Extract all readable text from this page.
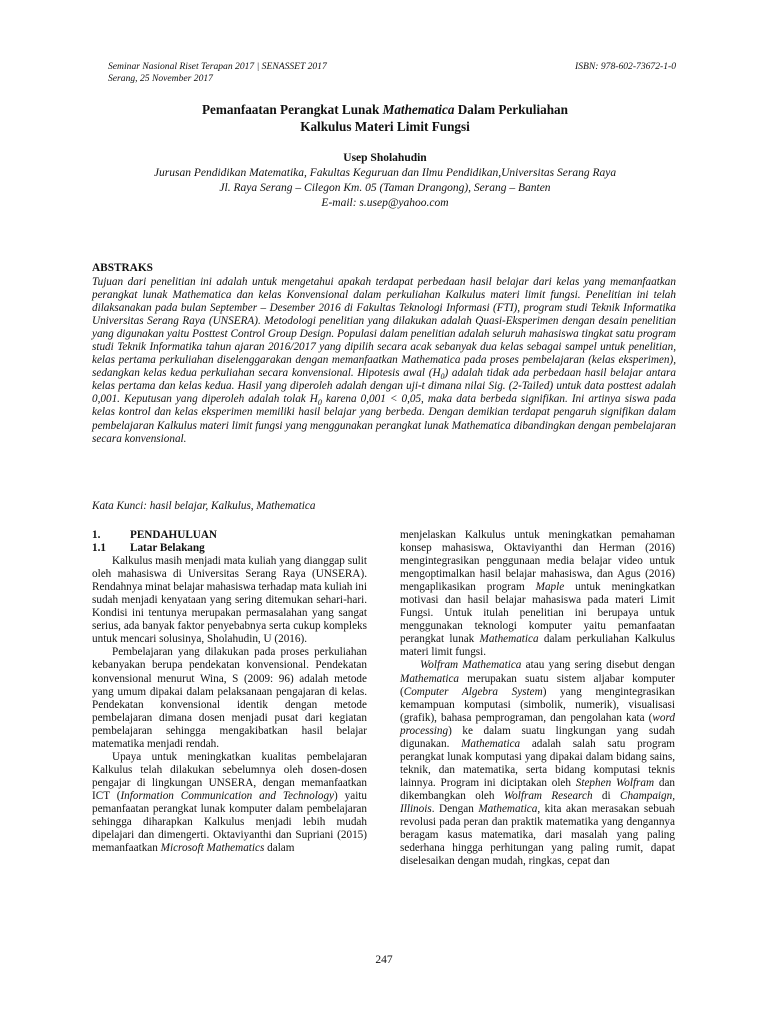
Seminar Nasional Riset Terapan 2017 | SENASSET 2017
Serang, 25 November 2017
ISBN: 978-602-73672-1-0
Pemanfaatan Perangkat Lunak Mathematica Dalam Perkuliahan
Kalkulus Materi Limit Fungsi
Usep Sholahudin
Jurusan Pendidikan Matematika, Fakultas Keguruan dan Ilmu Pendidikan,Universitas Serang Raya
Jl. Raya Serang – Cilegon Km. 05 (Taman Drangong), Serang – Banten
E-mail: s.usep@yahoo.com
ABSTRAKS
Tujuan dari penelitian ini adalah untuk mengetahui apakah terdapat perbedaan hasil belajar dari kelas yang memanfaatkan perangkat lunak Mathematica dan kelas Konvensional dalam perkuliahan Kalkulus materi limit fungsi. Penelitian ini telah dilaksanakan pada bulan September – Desember 2016 di Fakultas Teknologi Informasi (FTI), program studi Teknik Informatika Universitas Serang Raya (UNSERA). Metodologi penelitian yang dilakukan adalah Quasi-Eksperimen dengan desain penelitian yang digunakan yaitu Posttest Control Group Design. Populasi dalam penelitian adalah seluruh mahasiswa tingkat satu program studi Teknik Informatika tahun ajaran 2016/2017 yang dipilih secara acak sebanyak dua kelas sebagai sampel untuk penelitian, kelas pertama perkuliahan diselenggarakan dengan memanfaatkan Mathematica pada proses pembelajaran (kelas eksperimen), sedangkan kelas kedua perkuliahan secara konvensional. Hipotesis awal $(H_0)$ adalah tidak ada perbedaan hasil belajar antara kelas pertama dan kelas kedua. Hasil yang diperoleh adalah dengan uji-t dimana nilai Sig. (2-Tailed) untuk data posttest adalah 0,001. Keputusan yang diperoleh adalah tolak $H_0$ karena 0,001 < 0,05, maka data berbeda signifikan. Ini artinya siswa pada kelas kontrol dan kelas eksperimen memiliki hasil belajar yang berbeda. Dengan demikian terdapat pengaruh signifikan dalam pembelajaran Kalkulus materi limit fungsi yang menggunakan perangkat lunak Mathematica dibandingkan dengan pembelajaran secara konvensional.
Kata Kunci: hasil belajar, Kalkulus, Mathematica
1.	PENDAHULUAN
1.1	Latar Belakang

Kalkulus masih menjadi mata kuliah yang dianggap sulit oleh mahasiswa di Universitas Serang Raya (UNSERA). Rendahnya minat belajar mahasiswa terhadap mata kuliah ini sudah menjadi kenyataan yang sering ditemukan sehari-hari. Kondisi ini tentunya merupakan permasalahan yang sangat serius, ada banyak faktor penyebabnya serta cukup kompleks untuk mencari solusinya, Sholahudin, U (2016).

Pembelajaran yang dilakukan pada proses perkuliahan kebanyakan berupa pendekatan konvensional. Pendekatan konvensional menurut Wina, S (2009: 96) adalah metode yang umum dipakai dalam pelaksanaan pengajaran di kelas. Pendekatan konvensional identik dengan metode pembelajaran dimana dosen menjadi pusat dari kegiatan pembelajaran sehingga mengakibatkan hasil belajar matematika menjadi rendah.

Upaya untuk meningkatkan kualitas pembelajaran Kalkulus telah dilakukan sebelumnya oleh dosen-dosen pengajar di lingkungan UNSERA, dengan memanfaatkan ICT (Information Communication and Technology) yaitu pemanfaatan perangkat lunak komputer dalam pembelajaran sehingga diharapkan Kalkulus menjadi lebih mudah dipelajari dan dimengerti. Oktaviyanthi dan Supriani (2015) memanfaatkan Microsoft Mathematics dalam

menjelaskan Kalkulus untuk meningkatkan pemahaman konsep mahasiswa, Oktaviyanthi dan Herman (2016) mengintegrasikan penggunaan media belajar video untuk mengoptimalkan hasil belajar mahasiswa, dan Agus (2016) mengaplikasikan program Maple untuk meningkatkan motivasi dan hasil belajar mahasiswa pada materi Limit Fungsi. Untuk itulah penelitian ini berupaya untuk menggunakan teknologi komputer yaitu pemanfaatan perangkat lunak Mathematica dalam perkuliahan Kalkulus materi limit fungsi.

Wolfram Mathematica atau yang sering disebut dengan Mathematica merupakan suatu sistem aljabar komputer (Computer Algebra System) yang mengintegrasikan kemampuan komputasi (simbolik, numerik), visualisasi (grafik), bahasa pemprograman, dan pengolahan kata (word processing) ke dalam suatu lingkungan yang sudah digunakan. Mathematica adalah salah satu program perangkat lunak komputasi yang dipakai dalam bidang sains, teknik, dan matematika, serta bidang komputasi teknis lainnya. Program ini diciptakan oleh Stephen Wolfram dan dikembangkan oleh Wolfram Research di Champaign, Illinois. Dengan Mathematica, kita akan merasakan sebuah revolusi pada peran dan praktik matematika yang dengannya beragam kasus matematika, dari masalah yang paling sederhana hingga perhitungan yang paling rumit, dapat diselesaikan dengan mudah, ringkas, cepat dan

247
